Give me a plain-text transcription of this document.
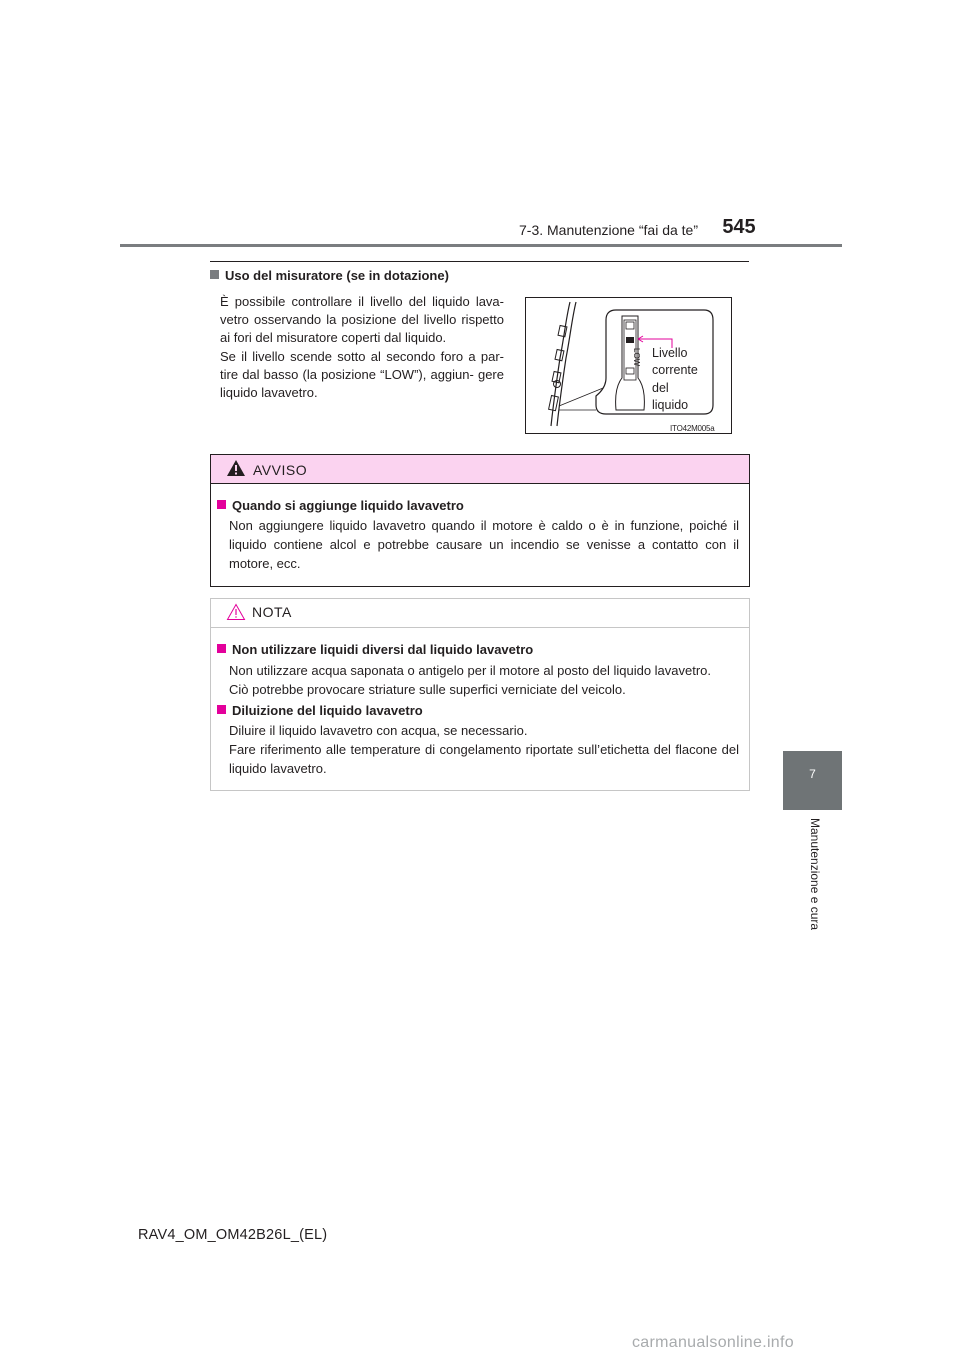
7-3. Manutenzione “fai da te”	545
7
Manutenzione e cura
Uso del misuratore (se in dotazione)

È possibile controllare il livello del liquido lava- vetro osservando la posizione del livello rispetto ai fori del misuratore coperti dal liquido.

Se il livello scende sotto al secondo foro a par- tire dal basso (la posizione “LOW”), aggiun- gere liquido lavavetro.

LOW Livello
corrente
del
liquido
ITO42M005a
AVVISO
Quando si aggiunge liquido lavavetro
Non aggiungere liquido lavavetro quando il motore è caldo o è in funzione, poiché il liquido contiene alcol e potrebbe causare un incendio se venisse a contatto con il motore, ecc.
NOTA
Non utilizzare liquidi diversi dal liquido lavavetro

Non utilizzare acqua saponata o antigelo per il motore al posto del liquido lavavetro.

Ciò potrebbe provocare striature sulle superfici verniciate del veicolo.

Diluizione del liquido lavavetro

Diluire il liquido lavavetro con acqua, se necessario.

Fare riferimento alle temperature di congelamento riportate sull’etichetta del flacone del liquido lavavetro.

RAV4_OM_OM42B26L_(EL)
carmanualsonline.info
